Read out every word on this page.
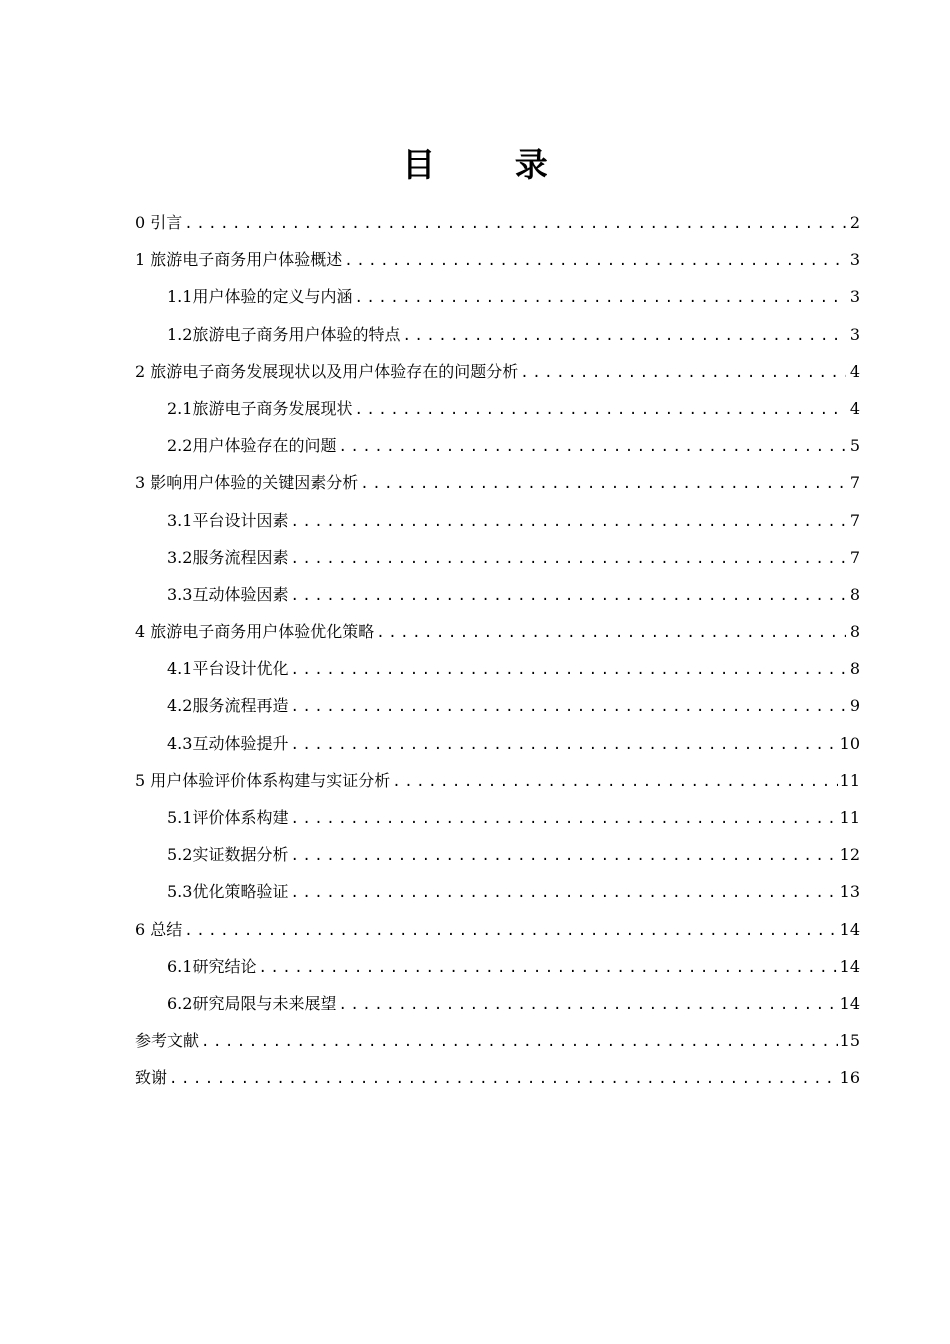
目 录
0 引言 .....	2
1 旅游电子商务用户体验概述 .....	3
1.1用户体验的定义与内涵 .....	3
1.2旅游电子商务用户体验的特点 .....	3
2 旅游电子商务发展现状以及用户体验存在的问题分析 .....	4
2.1旅游电子商务发展现状 .....	4
2.2用户体验存在的问题 .....	5
3 影响用户体验的关键因素分析 .....	7
3.1平台设计因素 .....	7
3.2服务流程因素 .....	7
3.3互动体验因素 .....	8
4 旅游电子商务用户体验优化策略 .....	8
4.1平台设计优化 .....	8
4.2服务流程再造 .....	9
4.3互动体验提升 .....	10
5 用户体验评价体系构建与实证分析 .....	11
5.1评价体系构建 .....	11
5.2实证数据分析 .....	12
5.3优化策略验证 .....	13
6 总结 .....	14
6.1研究结论 .....	14
6.2研究局限与未来展望 .....	14
参考文献 .....	15
致谢 .....	16
